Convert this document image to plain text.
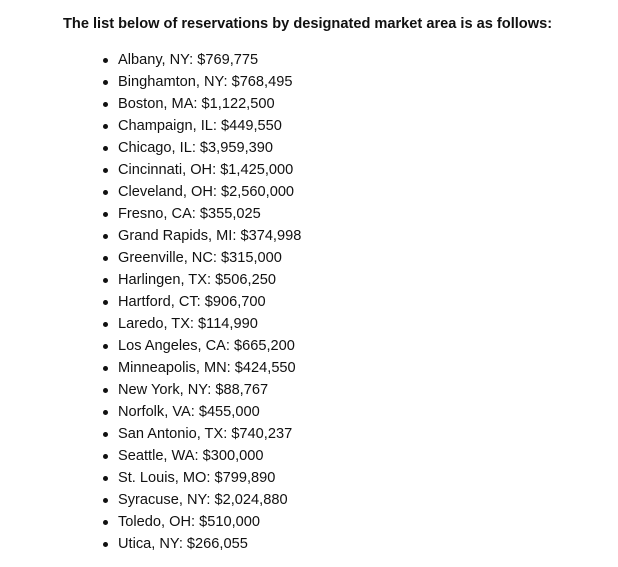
The list below of reservations by designated market area is as follows:

Albany, NY: $769,775
Binghamton, NY: $768,495
Boston, MA: $1,122,500
Champaign, IL: $449,550
Chicago, IL: $3,959,390
Cincinnati, OH: $1,425,000
Cleveland, OH: $2,560,000
Fresno, CA: $355,025
Grand Rapids, MI: $374,998
Greenville, NC: $315,000
Harlingen, TX: $506,250
Hartford, CT: $906,700
Laredo, TX: $114,990
Los Angeles, CA: $665,200
Minneapolis, MN: $424,550
New York, NY: $88,767
Norfolk, VA: $455,000
San Antonio, TX: $740,237
Seattle, WA: $300,000
St. Louis, MO: $799,890
Syracuse, NY: $2,024,880
Toledo, OH: $510,000
Utica, NY: $266,055
